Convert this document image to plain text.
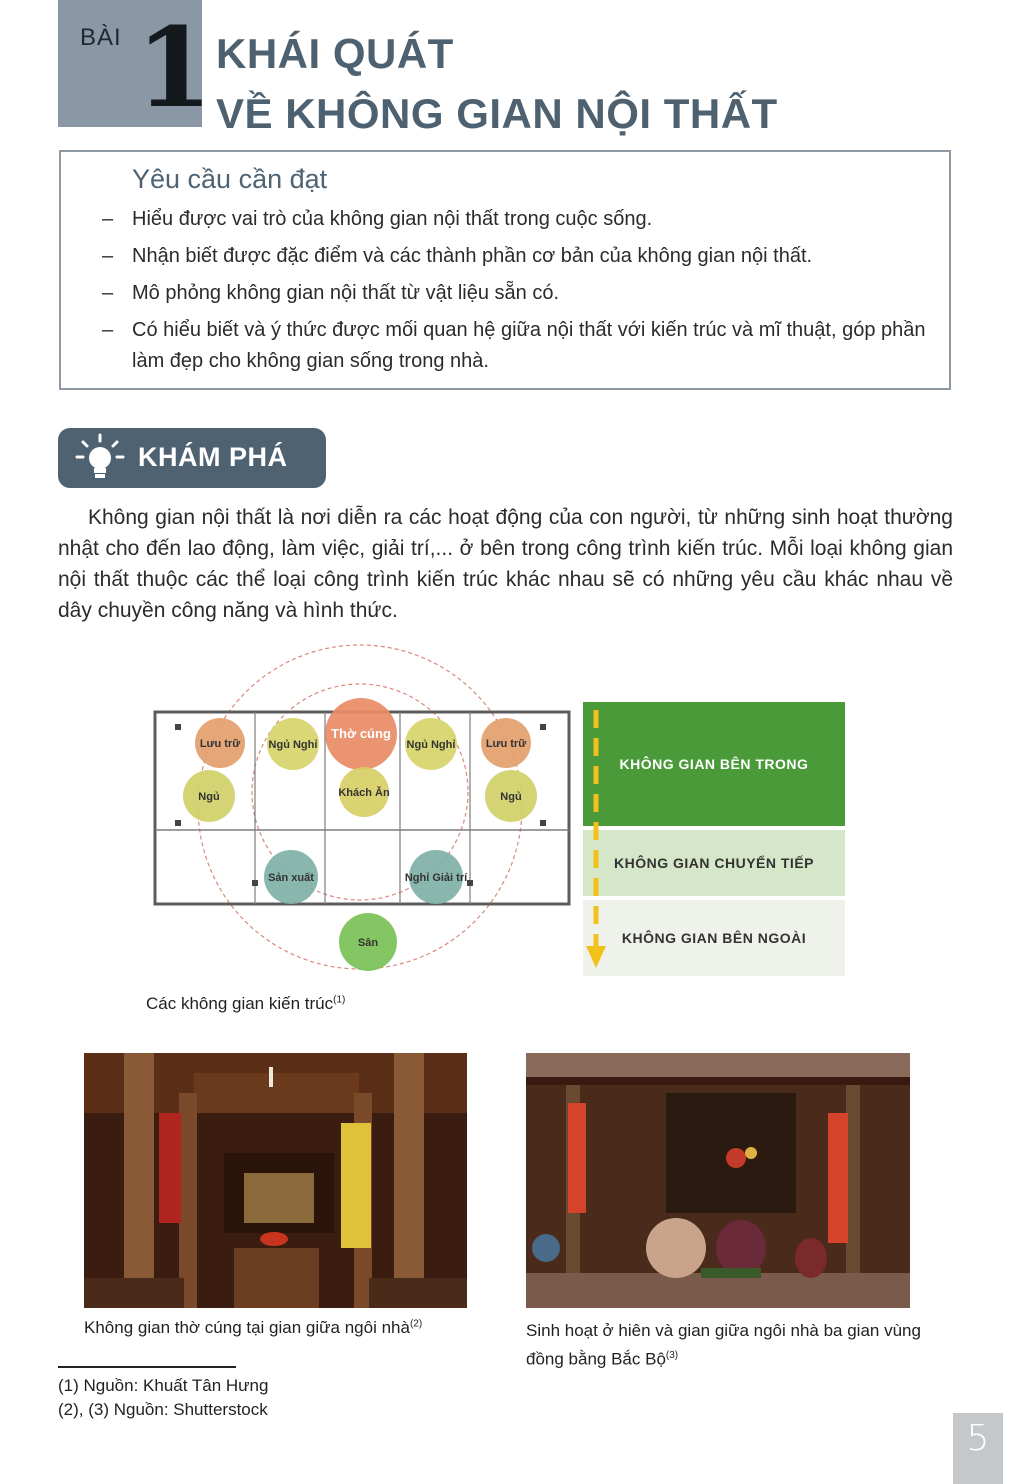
BÀI 1 KHÁI QUÁT
VỀ KHÔNG GIAN NỘI THẤT
Yêu cầu cần đạt
– Hiểu được vai trò của không gian nội thất trong cuộc sống.
– Nhận biết được đặc điểm và các thành phần cơ bản của không gian nội thất.
– Mô phỏng không gian nội thất từ vật liệu sẵn có.
– Có hiểu biết và ý thức được mối quan hệ giữa nội thất với kiến trúc và mĩ thuật, góp phần làm đẹp cho không gian sống trong nhà.
KHÁM PHÁ
Không gian nội thất là nơi diễn ra các hoạt động của con người, từ những sinh hoạt thường nhật cho đến lao động, làm việc, giải trí,... ở bên trong công trình kiến trúc. Mỗi loại không gian nội thất thuộc các thể loại công trình kiến trúc khác nhau sẽ có những yêu cầu khác nhau về dây chuyền công năng và hình thức.
Lưu trữ	Ngủ Nghỉ
Thờ cúng
Ngủ Nghỉ	Lưu trữ
Ngủ	Khách Ăn	Ngủ
Sản xuất	Nghỉ Giải trí
Sân
KHÔNG GIAN BÊN TRONG
KHÔNG GIAN CHUYỂN TIẾP
KHÔNG GIAN BÊN NGOÀI
Các không gian kiến trúc$^{(1)}$
Không gian thờ cúng tại gian giữa ngôi nhà$^{(2)}$	Sinh hoạt ở hiên và gian giữa ngôi nhà ba gian vùng đồng bằng Bắc Bộ$^{(3)}$
(1) Nguồn: Khuất Tân Hưng
(2), (3) Nguồn: Shutterstock
5
